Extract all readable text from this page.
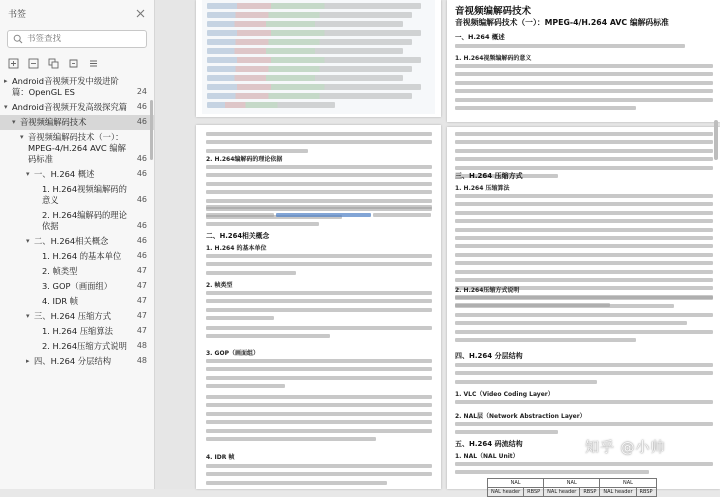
书签
书签查找
▸ Android音视频开发中级进阶篇：OpenGL ES	24
▾ Android音视频开发高级探究篇	46
▾ 音视频编解码技术	46
▾ 音视频编解码技术（一）：MPEG-4/H.264 AVC 编解码标准	46
▾ 一、H.264 概述	46
1. H.264视频编解码的意义	46
2. H.264编解码的理论依据	46
▾ 二、H.264相关概念	46
1. H.264 的基本单位	46
2. 帧类型	47
3. GOP（画面组）	47
4. IDR 帧	47
▾ 三、H.264 压缩方式	47
1. H.264 压缩算法	47
2. H.264压缩方式说明	48
▸ 四、H.264 分层结构	48
音视频编解码技术
音视频编解码技术（一）：MPEG-4/H.264 AVC 编解码标准
一、H.264 概述
1. H.264视频编解码的意义
2. H.264编解码的理论依据
二、H.264相关概念
1. H.264 的基本单位
2. 帧类型
3. GOP（画面组）
4. IDR 帧
三、H.264 压缩方式
1. H.264 压缩算法
2. H.264压缩方式说明
四、H.264 分层结构
1. VLC（Video Coding Layer）
2. NAL层（Network Abstraction Layer）
五、H.264 码流结构
1. NAL（NAL Unit）
NAL		NAL		NAL	
NAL header	RBSP	NAL header	RBSP	NAL header	RBSP
知乎 @小帅
